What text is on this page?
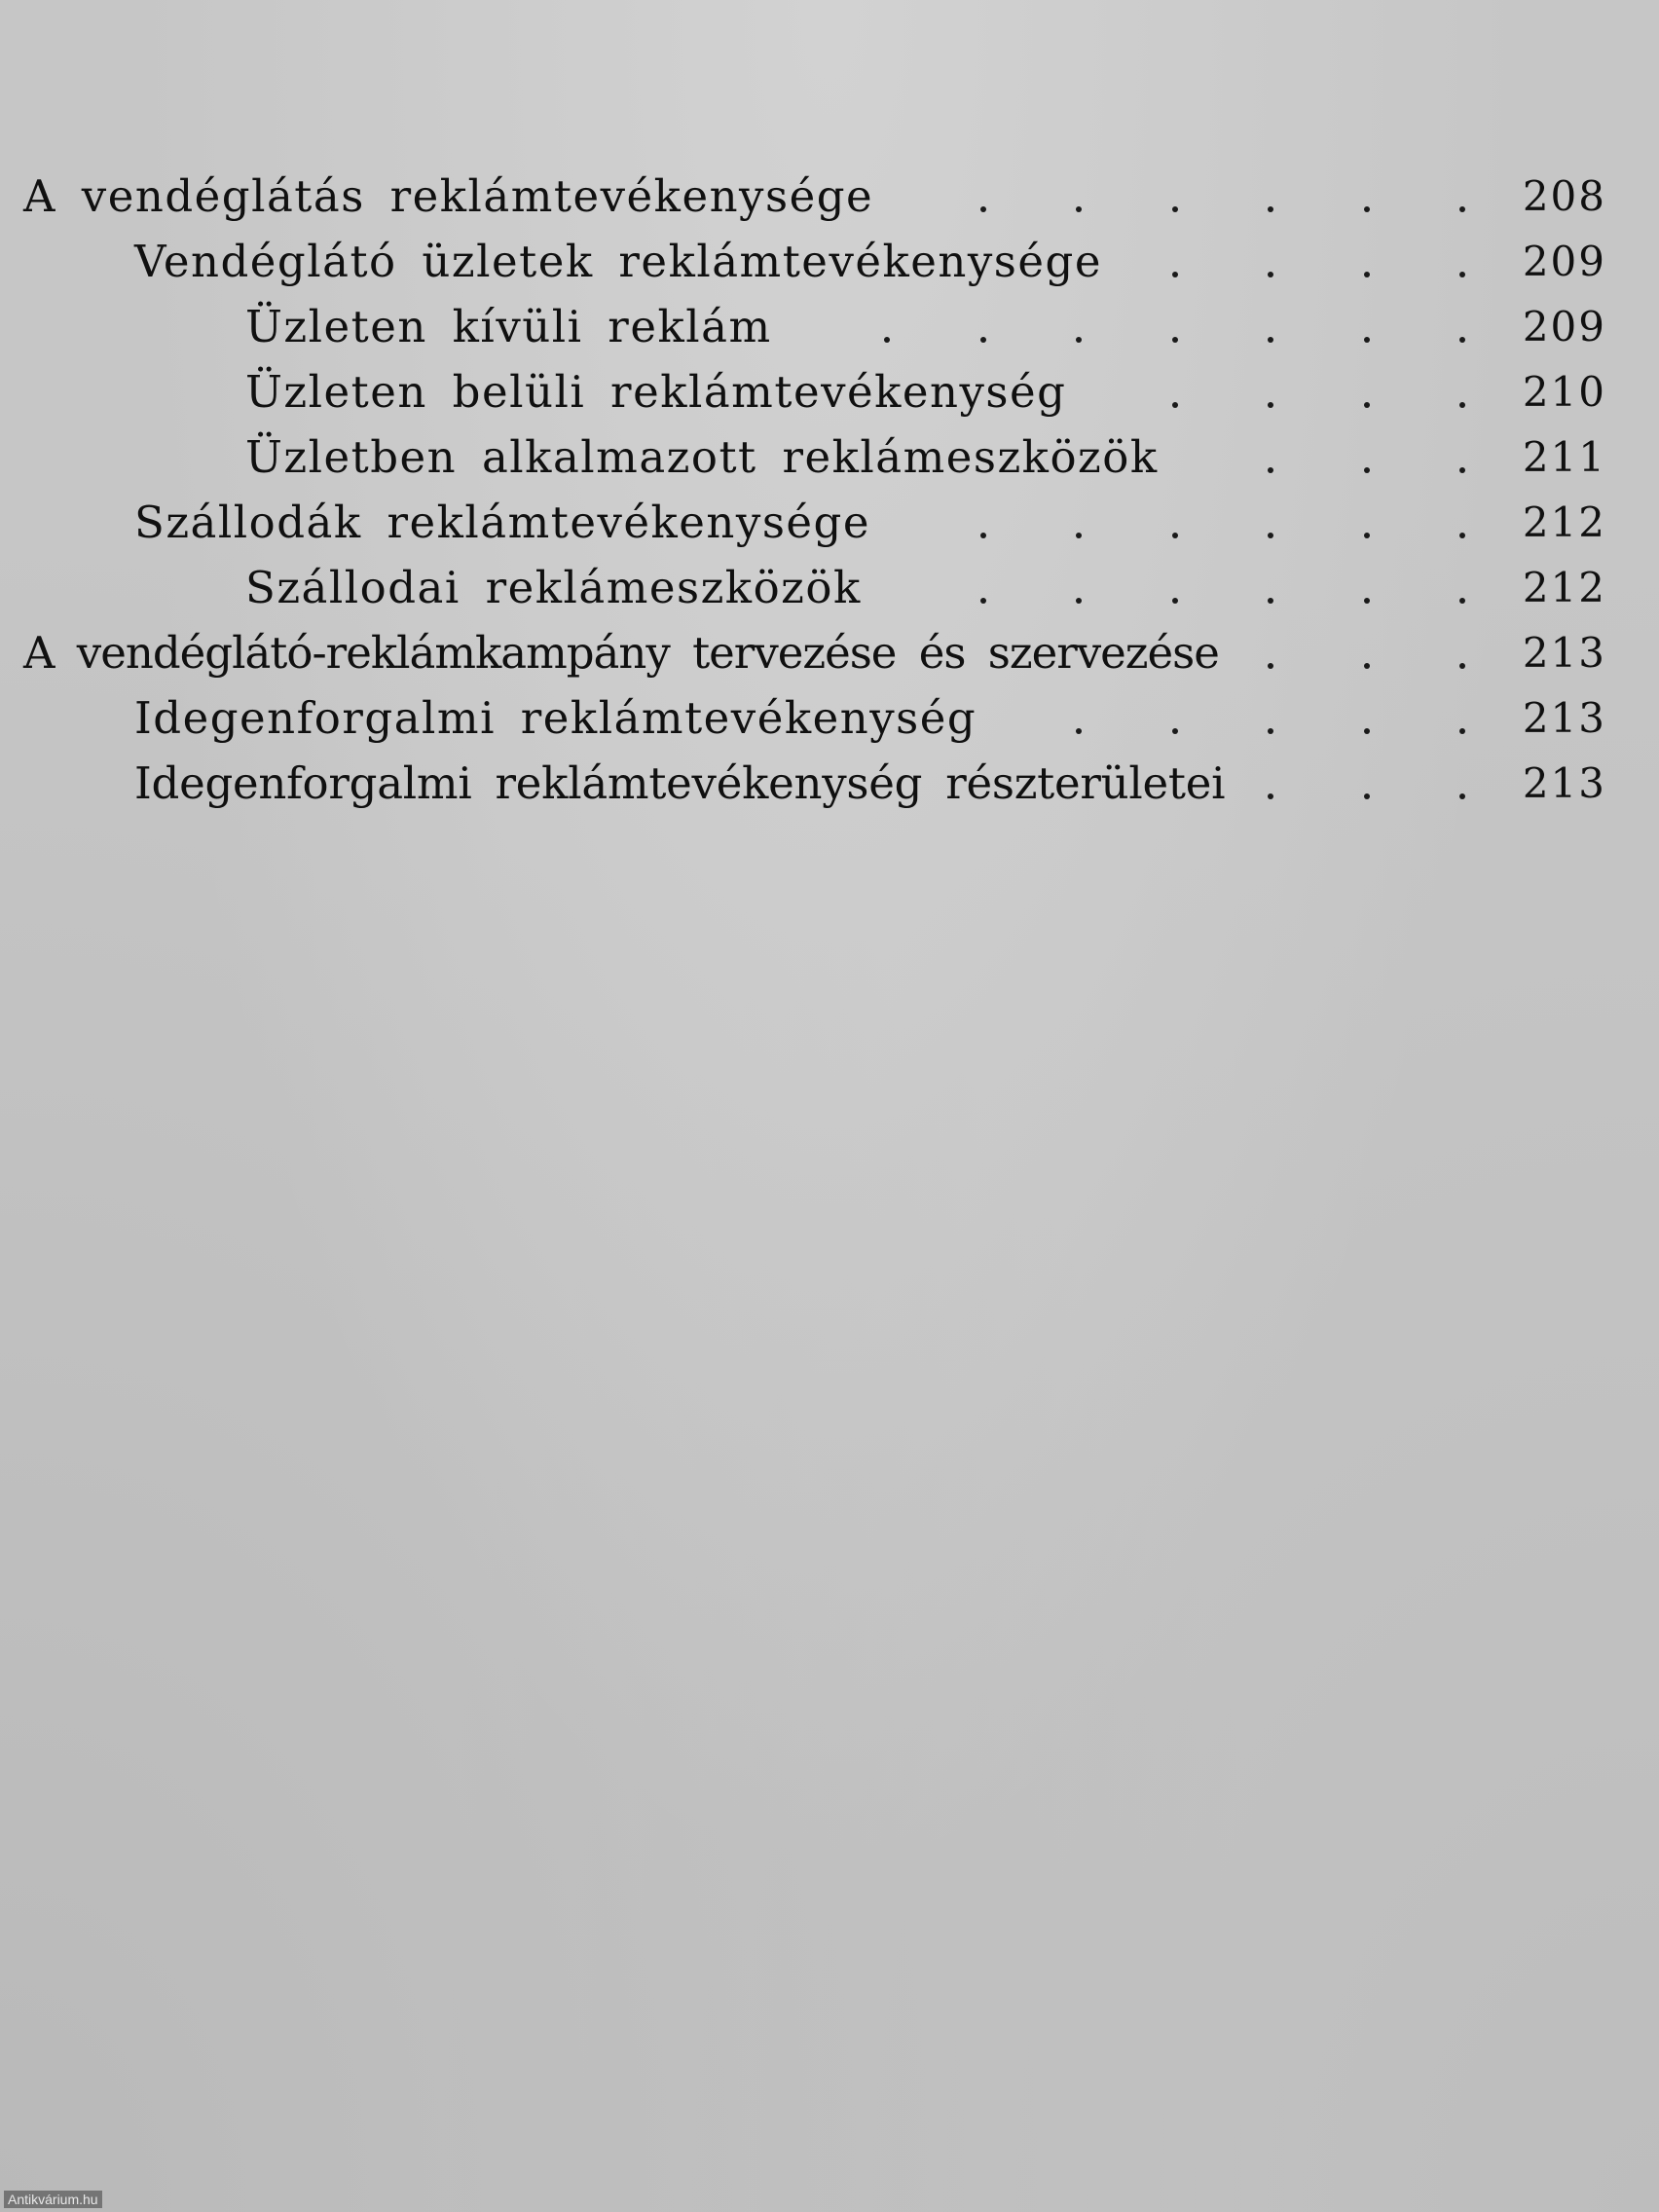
A vendéglátás reklámtevékenysége	208
Vendéglátó üzletek reklámtevékenysége	209
Üzleten kívüli reklám	209
Üzleten belüli reklámtevékenység	210
Üzletben alkalmazott reklámeszközök	211
Szállodák reklámtevékenysége	212
Szállodai reklámeszközök	212
A vendéglátó-reklámkampány tervezése és szervezése	213
Idegenforgalmi reklámtevékenység	213
Idegenforgalmi reklámtevékenység részterületei	213
Antikvárium.hu
